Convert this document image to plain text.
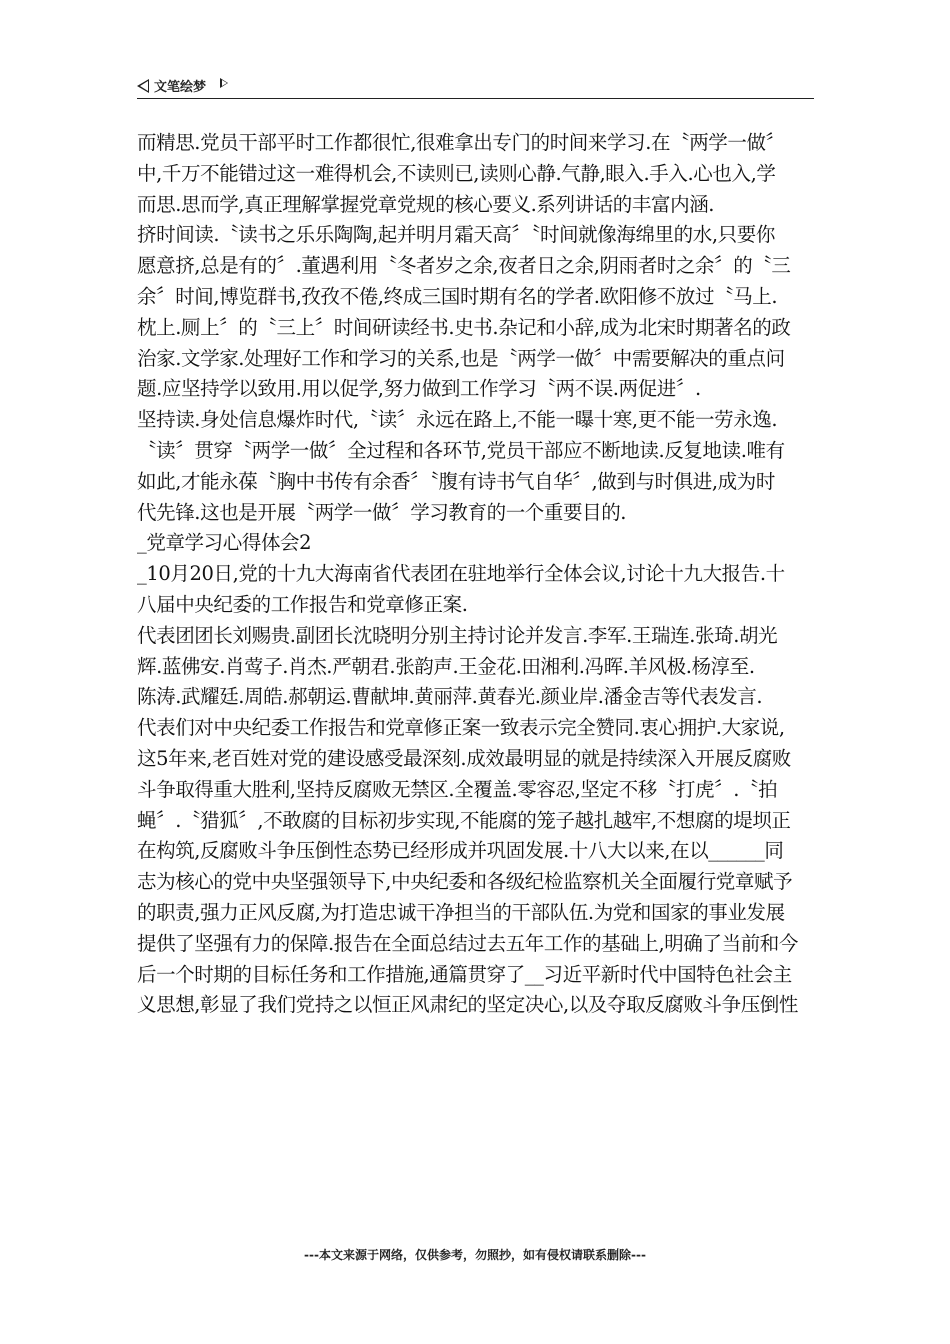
文笔绘梦
而精思.党员干部平时工作都很忙,很难拿出专门的时间来学习.在〝两学一做〞
中,千万不能错过这一难得机会,不读则已,读则心静.气静,眼入.手入.心也入,学
而思.思而学,真正理解掌握党章党规的核心要义.系列讲话的丰富内涵.
挤时间读.〝读书之乐乐陶陶,起并明月霜天高〞〝时间就像海绵里的水,只要你
愿意挤,总是有的〞.董遇利用〝冬者岁之余,夜者日之余,阴雨者时之余〞的〝三
余〞时间,博览群书,孜孜不倦,终成三国时期有名的学者.欧阳修不放过〝马上.
枕上.厕上〞的〝三上〞时间研读经书.史书.杂记和小辞,成为北宋时期著名的政
治家.文学家.处理好工作和学习的关系,也是〝两学一做〞中需要解决的重点问
题.应坚持学以致用.用以促学,努力做到工作学习〝两不误.两促进〞.
坚持读.身处信息爆炸时代,〝读〞永远在路上,不能一曝十寒,更不能一劳永逸.
〝读〞贯穿〝两学一做〞全过程和各环节,党员干部应不断地读.反复地读.唯有
如此,才能永葆〝胸中书传有余香〞〝腹有诗书气自华〞,做到与时俱进,成为时
代先锋.这也是开展〝两学一做〞学习教育的一个重要目的.
_党章学习心得体会2
_10月20日,党的十九大海南省代表团在驻地举行全体会议,讨论十九大报告.十
八届中央纪委的工作报告和党章修正案.
代表团团长刘赐贵.副团长沈晓明分别主持讨论并发言.李军.王瑞连.张琦.胡光
辉.蓝佛安.肖莺子.肖杰.严朝君.张韵声.王金花.田湘利.冯晖.羊风极.杨淳至.
陈涛.武耀廷.周皓.郝朝运.曹献坤.黄丽萍.黄春光.颜业岸.潘金吉等代表发言.
代表们对中央纪委工作报告和党章修正案一致表示完全赞同.衷心拥护.大家说,
这5年来,老百姓对党的建设感受最深刻.成效最明显的就是持续深入开展反腐败
斗争取得重大胜利,坚持反腐败无禁区.全覆盖.零容忍,坚定不移〝打虎〞.〝拍
蝇〞.〝猎狐〞,不敢腐的目标初步实现,不能腐的笼子越扎越牢,不想腐的堤坝正
在构筑,反腐败斗争压倒性态势已经形成并巩固发展.十八大以来,在以______同
志为核心的党中央坚强领导下,中央纪委和各级纪检监察机关全面履行党章赋予
的职责,强力正风反腐,为打造忠诚干净担当的干部队伍.为党和国家的事业发展
提供了坚强有力的保障.报告在全面总结过去五年工作的基础上,明确了当前和今
后一个时期的目标任务和工作措施,通篇贯穿了__习近平新时代中国特色社会主
义思想,彰显了我们党持之以恒正风肃纪的坚定决心,以及夺取反腐败斗争压倒性
---本文来源于网络，仅供参考，勿照抄，如有侵权请联系删除---
